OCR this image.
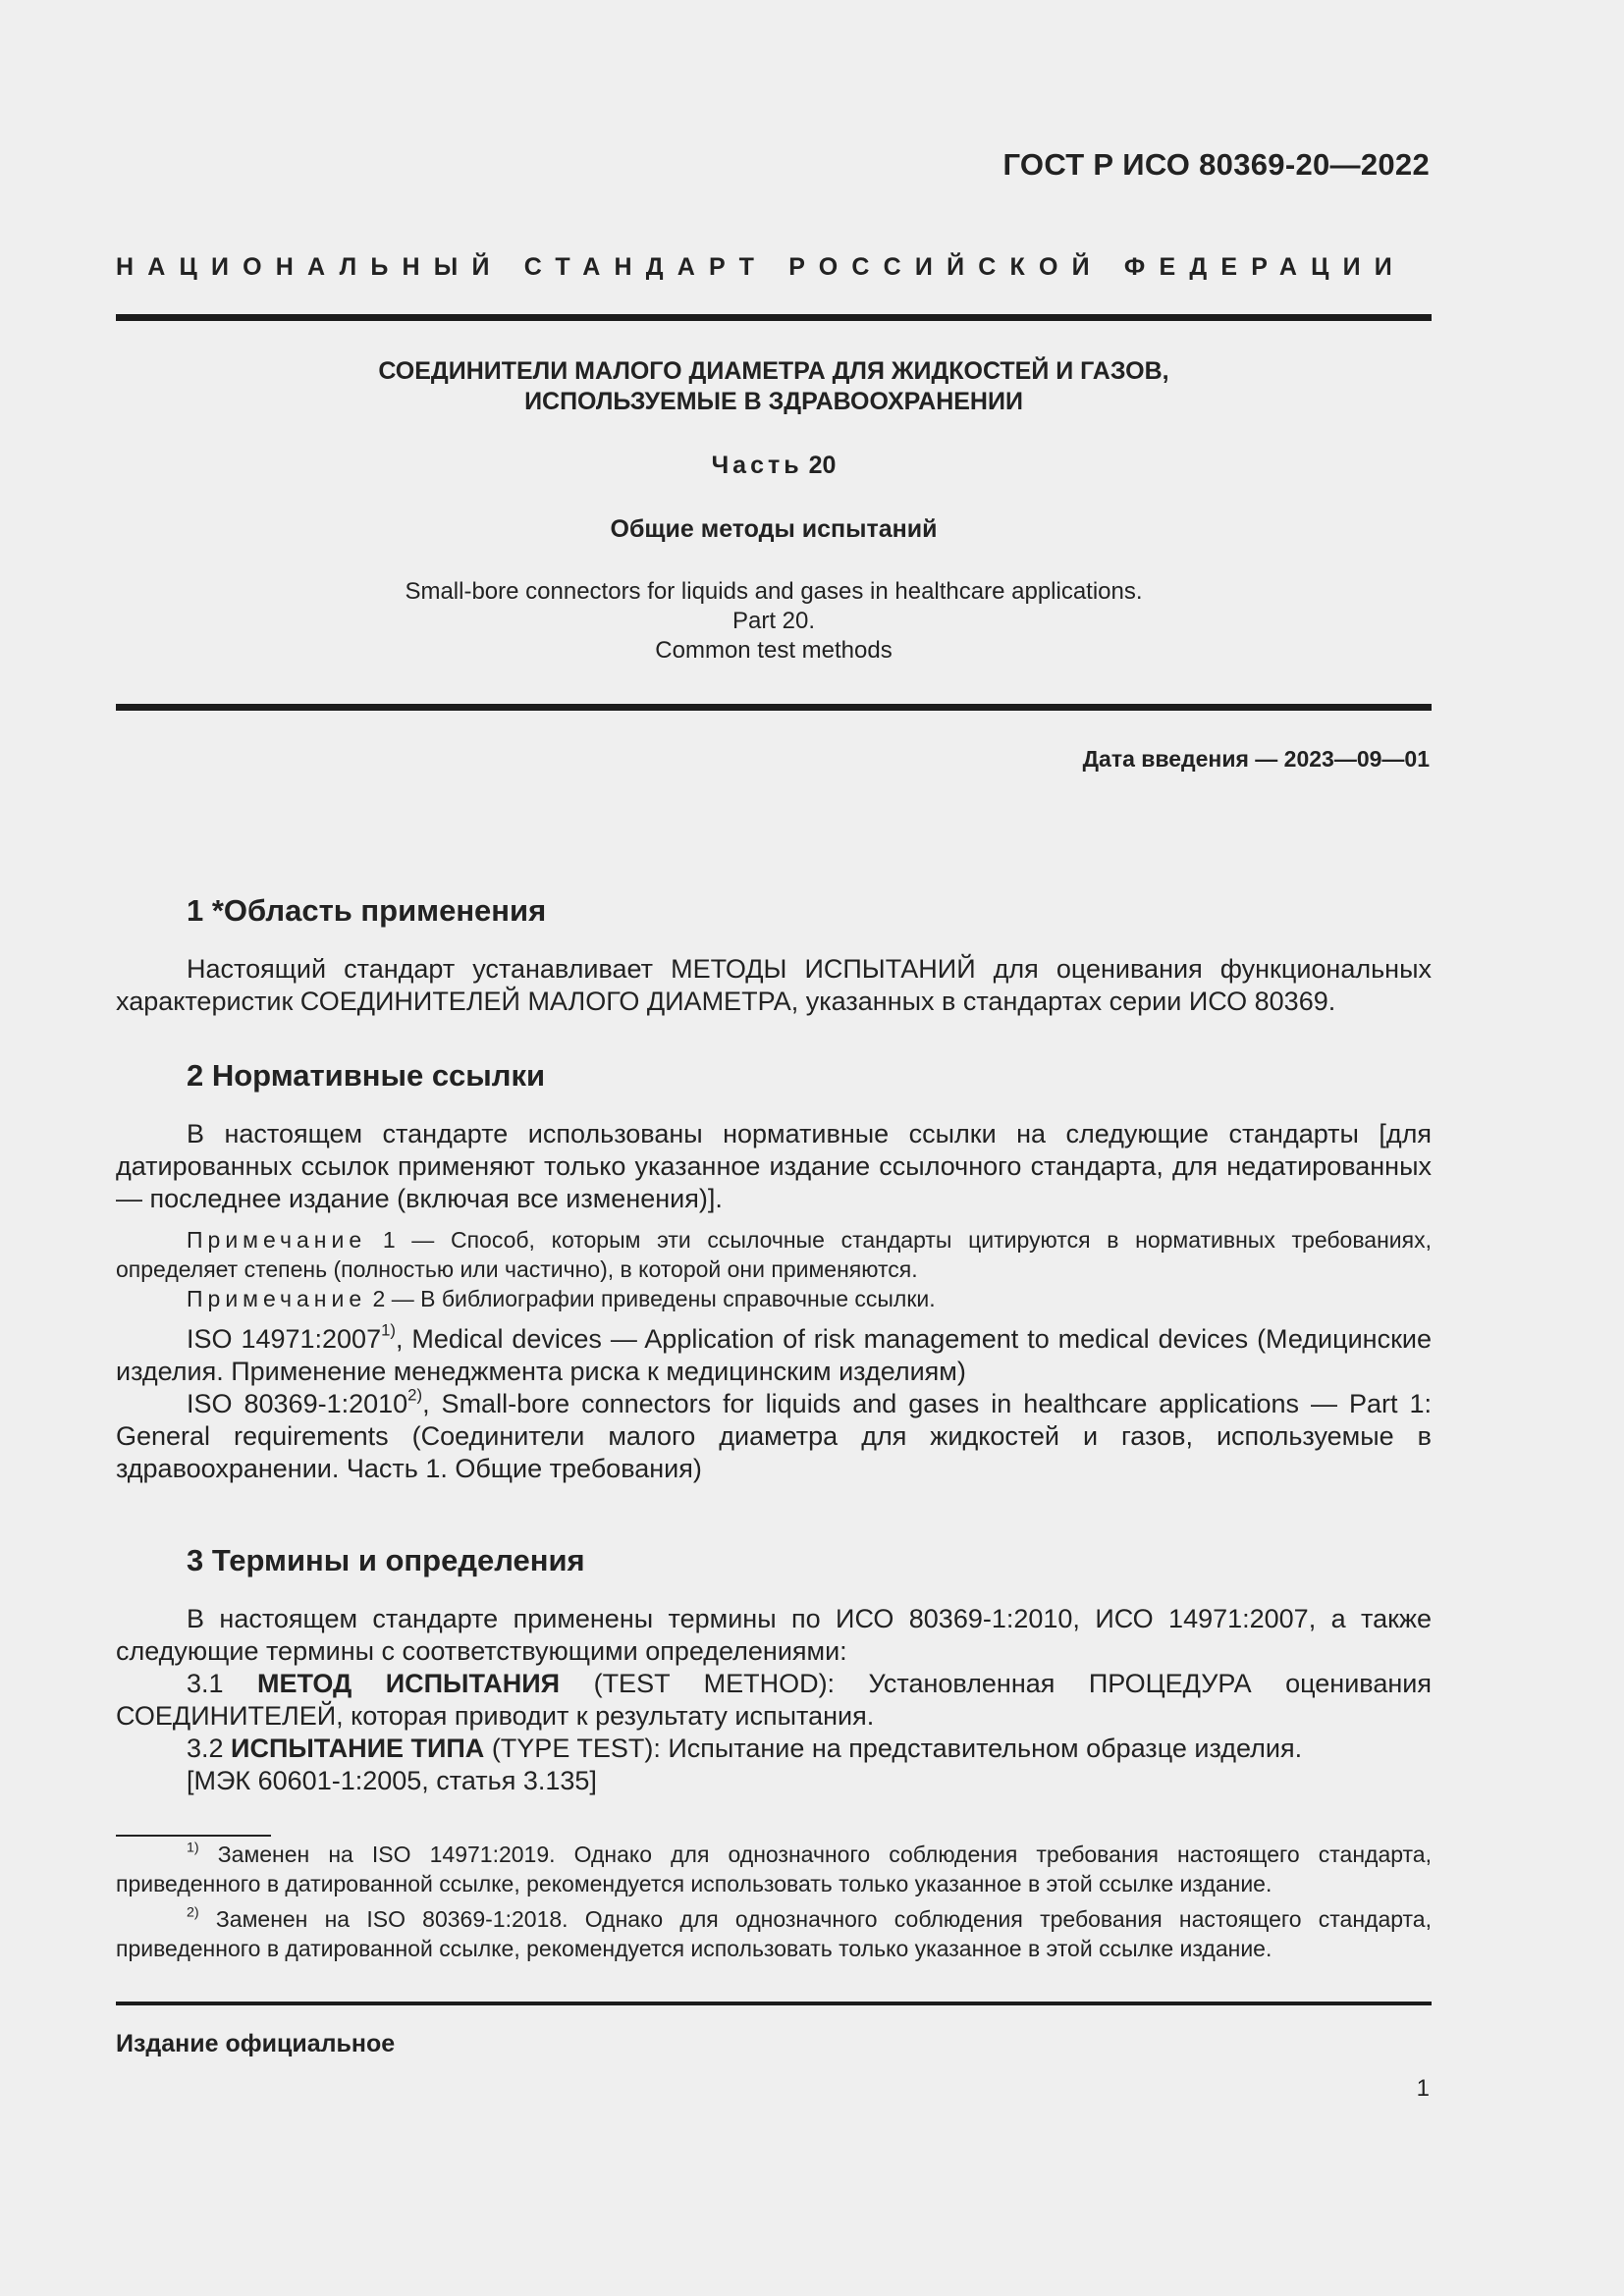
ГОСТ Р ИСО 80369-20—2022
НАЦИОНАЛЬНЫЙ СТАНДАРТ РОССИЙСКОЙ ФЕДЕРАЦИИ
СОЕДИНИТЕЛИ МАЛОГО ДИАМЕТРА ДЛЯ ЖИДКОСТЕЙ И ГАЗОВ,
ИСПОЛЬЗУЕМЫЕ В ЗДРАВООХРАНЕНИИ
Часть 20
Общие методы испытаний
Small-bore connectors for liquids and gases in healthcare applications.
Part 20.
Common test methods
Дата введения — 2023—09—01
1 *Область применения

Настоящий стандарт устанавливает МЕТОДЫ ИСПЫТАНИЙ для оценивания функциональных характеристик СОЕДИНИТЕЛЕЙ МАЛОГО ДИАМЕТРА, указанных в стандартах серии ИСО 80369.

2 Нормативные ссылки

В настоящем стандарте использованы нормативные ссылки на следующие стандарты [для датированных ссылок применяют только указанное издание ссылочного стандарта, для недатированных — последнее издание (включая все изменения)].

Примечание 1 — Способ, которым эти ссылочные стандарты цитируются в нормативных требованиях, определяет степень (полностью или частично), в которой они применяются.

Примечание 2 — В библиографии приведены справочные ссылки.

ISO 14971:2007$^{1)}$, Medical devices — Application of risk management to medical devices (Медицинские изделия. Применение менеджмента риска к медицинским изделиям)

ISO 80369-1:2010$^{2)}$, Small-bore connectors for liquids and gases in healthcare applications — Part 1: General requirements (Соединители малого диаметра для жидкостей и газов, используемые в здравоохранении. Часть 1. Общие требования)

3 Термины и определения

В настоящем стандарте применены термины по ИСО 80369-1:2010, ИСО 14971:2007, а также следующие термины с соответствующими определениями:

3.1 МЕТОД ИСПЫТАНИЯ (TEST METHOD): Установленная ПРОЦЕДУРА оценивания СОЕДИНИТЕЛЕЙ, которая приводит к результату испытания.

3.2 ИСПЫТАНИЕ ТИПА (TYPE TEST): Испытание на представительном образце изделия.

[МЭК 60601-1:2005, статья 3.135]

$^{1)}$ Заменен на ISO 14971:2019. Однако для однозначного соблюдения требования настоящего стандарта, приведенного в датированной ссылке, рекомендуется использовать только указанное в этой ссылке издание.

$^{2)}$ Заменен на ISO 80369-1:2018. Однако для однозначного соблюдения требования настоящего стандарта, приведенного в датированной ссылке, рекомендуется использовать только указанное в этой ссылке издание.

Издание официальное
1
